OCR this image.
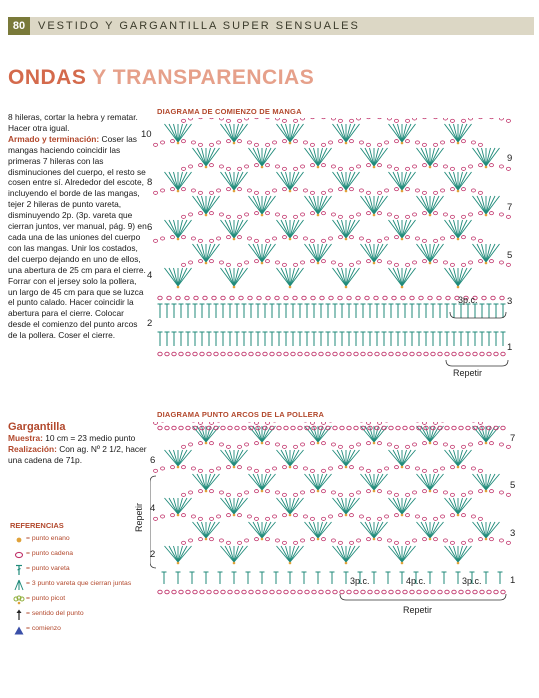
80	VESTIDO Y GARGANTILLA SUPER SENSUALES
ONDAS Y TRANSPARENCIAS

8 hileras, cortar la hebra y rematar. Hacer otra igual.

Armado y terminación: Coser las mangas haciendo coincidir las primeras 7 hileras con las disminuciones del cuerpo, el resto se cosen entre sí. Alrededor del escote, incluyendo el borde de las mangas, tejer 2 hileras de punto vareta, disminuyendo 2p. (3p. vareta que cierran juntos, ver manual, pág. 9) en cada una de las uniones del cuerpo con las mangas. Unir los costados, del cuerpo dejando en uno de ellos, una abertura de 25 cm para el cierre.

Forrar con el jersey solo la pollera, un largo de 45 cm para que se luzca el punto calado. Hacer coincidir la abertura para el cierre. Colocar desde el comienzo del punto arcos de la pollera. Coser el cierre.

Gargantilla

Muestra: 10 cm = 23 medio punto

Realización: Con ag. Nº 2 1/2, hacer una cadena de 71p.

REFERENCIAS
= punto enano
= punto cadena
= punto vareta
= 3 punto vareta que cierran juntas
= punto picot
= sentido del punto
= comienzo
DIAGRAMA DE COMIENZO DE MANGA
10
8
6
4
2
9
7
5
3
1
3p.c.
Repetir
DIAGRAMA PUNTO ARCOS DE LA POLLERA
6
4
2
7
5
3
1
Repetir
3p.c.	4p.c.	3p.c.
Repetir
